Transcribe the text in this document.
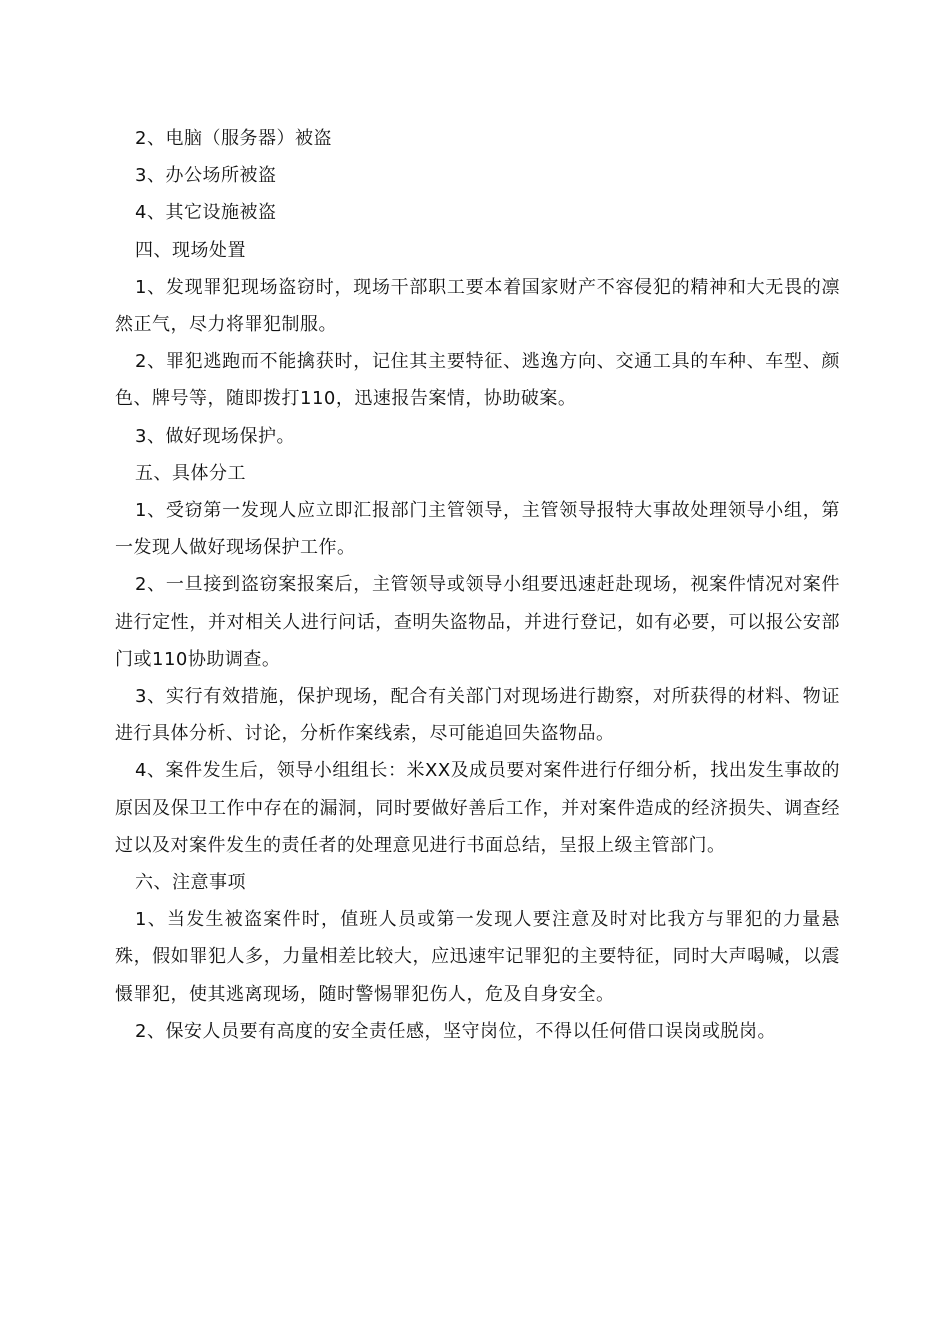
2、电脑（服务器）被盗

3、办公场所被盗

4、其它设施被盗

四、现场处置

1、发现罪犯现场盗窃时，现场干部职工要本着国家财产不容侵犯的精神和大无畏的凛然正气，尽力将罪犯制服。

2、罪犯逃跑而不能擒获时，记住其主要特征、逃逸方向、交通工具的车种、车型、颜色、牌号等，随即拨打110，迅速报告案情，协助破案。

3、做好现场保护。

五、具体分工

1、受窃第一发现人应立即汇报部门主管领导，主管领导报特大事故处理领导小组，第一发现人做好现场保护工作。

2、一旦接到盗窃案报案后，主管领导或领导小组要迅速赶赴现场，视案件情况对案件进行定性，并对相关人进行问话，查明失盗物品，并进行登记，如有必要，可以报公安部门或110协助调查。

3、实行有效措施，保护现场，配合有关部门对现场进行勘察，对所获得的材料、物证进行具体分析、讨论，分析作案线索，尽可能追回失盗物品。

4、案件发生后，领导小组组长：米XX及成员要对案件进行仔细分析，找出发生事故的原因及保卫工作中存在的漏洞，同时要做好善后工作，并对案件造成的经济损失、调查经过以及对案件发生的责任者的处理意见进行书面总结，呈报上级主管部门。

六、注意事项

1、当发生被盗案件时，值班人员或第一发现人要注意及时对比我方与罪犯的力量悬殊，假如罪犯人多，力量相差比较大，应迅速牢记罪犯的主要特征，同时大声喝喊，以震慑罪犯，使其逃离现场，随时警惕罪犯伤人，危及自身安全。

2、保安人员要有高度的安全责任感，坚守岗位，不得以任何借口误岗或脱岗。
